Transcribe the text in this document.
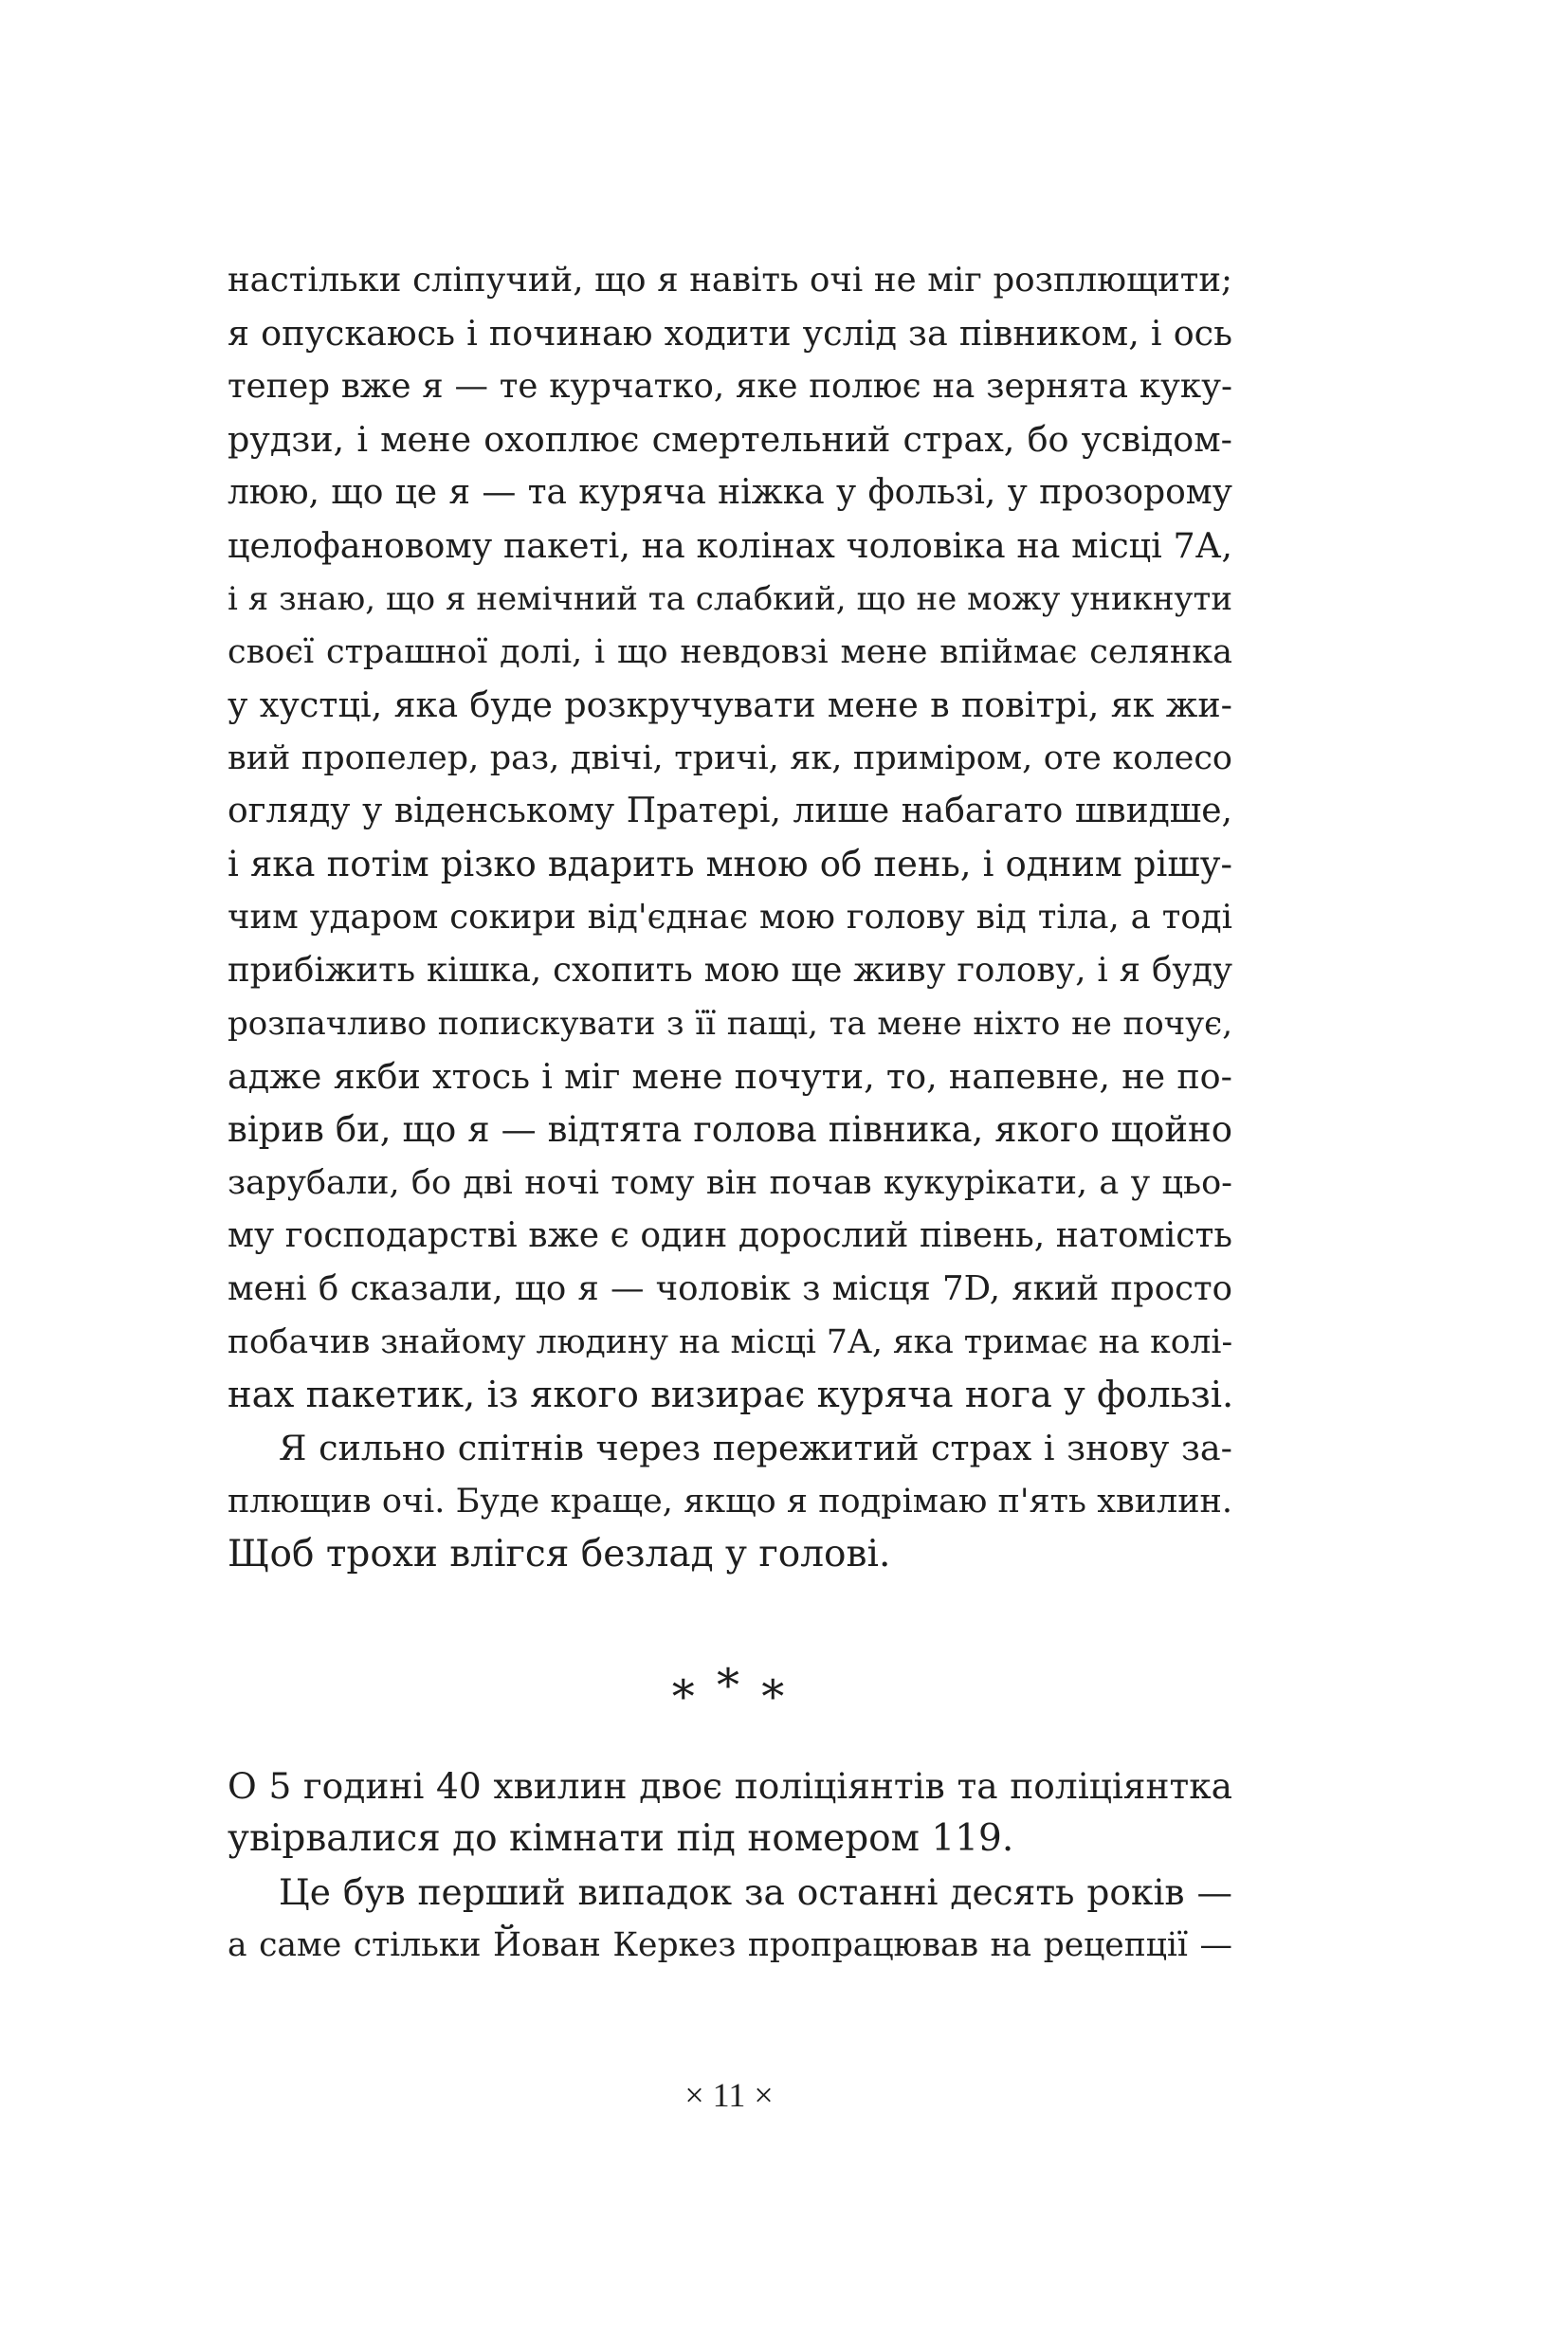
настільки сліпучий, що я навіть очі не міг розплющити;
я опускаюсь і починаю ходити услід за півником, і ось
тепер вже я — те курчатко, яке полює на зернята куку-
рудзи, і мене охоплює смертельний страх, бо усвідом-
люю, що це я — та куряча ніжка у фользі, у прозорому
целофановому пакеті, на колінах чоловіка на місці 7А,
і я знаю, що я немічний та слабкий, що не можу уникнути
своєї страшної долі, і що невдовзі мене впіймає селянка
у хустці, яка буде розкручувати мене в повітрі, як жи-
вий пропелер, раз, двічі, тричі, як, приміром, оте колесо
огляду у віденському Пратері, лише набагато швидше,
і яка потім різко вдарить мною об пень, і одним рішу-
чим ударом сокири від'єднає мою голову від тіла, а тоді
прибіжить кішка, схопить мою ще живу голову, і я буду
розпачливо попискувати з її пащі, та мене ніхто не почує,
адже якби хтось і міг мене почути, то, напевне, не по-
вірив би, що я — відтята голова півника, якого щойно
зарубали, бо дві ночі тому він почав кукурікати, а у цьо-
му господарстві вже є один дорослий півень, натомість
мені б сказали, що я — чоловік з місця 7D, який просто
побачив знайому людину на місці 7А, яка тримає на колі-
нах пакетик, із якого визирає куряча нога у фользі.
Я сильно спітнів через пережитий страх і знову за-
плющив очі. Буде краще, якщо я подрімаю п'ять хвилин.
Щоб трохи влігся безлад у голові.
* * *
О 5 годині 40 хвилин двоє поліціянтів та поліціянтка
увірвалися до кімнати під номером 119.
Це був перший випадок за останні десять років —
а саме стільки Йован Керкез пропрацював на рецепції —
× 11 ×
